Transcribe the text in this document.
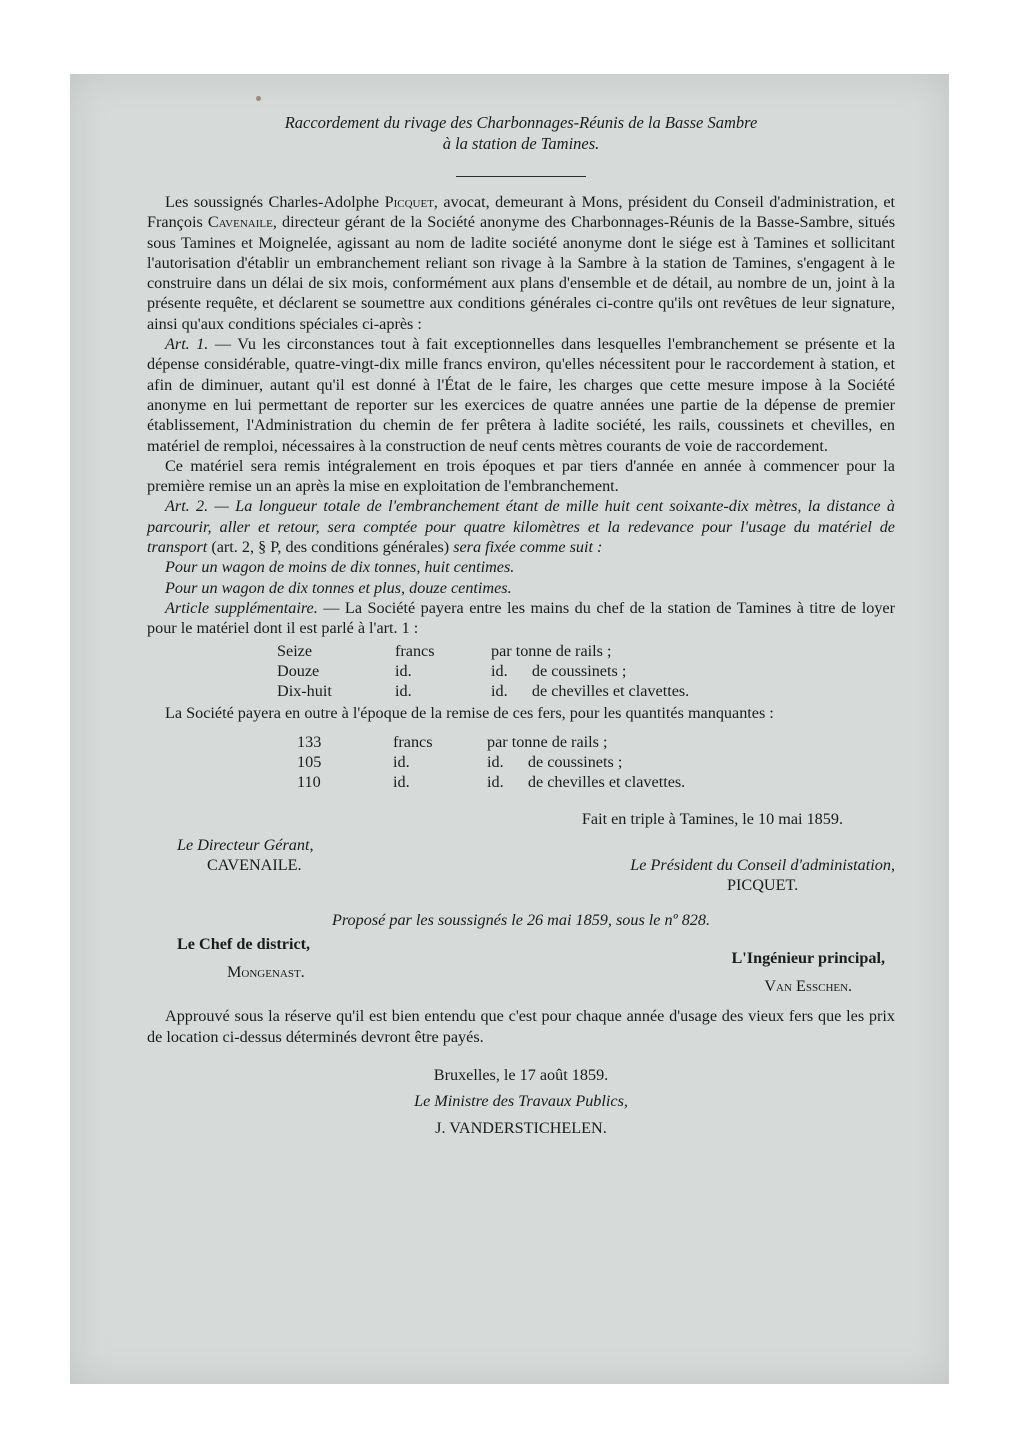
Raccordement du rivage des Charbonnages-Réunis de la Basse Sambre
à la station de Tamines.

Les soussignés Charles-Adolphe Picquet, avocat, demeurant à Mons, président du Conseil d'administration, et François Cavenaile, directeur gérant de la Société anonyme des Charbonnages-Réunis de la Basse-Sambre, situés sous Tamines et Moignelée, agissant au nom de ladite société anonyme dont le siége est à Tamines et sollicitant l'autorisation d'établir un embranchement reliant son rivage à la Sambre à la station de Tamines, s'engagent à le construire dans un délai de six mois, conformément aux plans d'ensemble et de détail, au nombre de un, joint à la présente requête, et déclarent se soumettre aux conditions générales ci-contre qu'ils ont revêtues de leur signature, ainsi qu'aux conditions spéciales ci-après :

Art. 1. — Vu les circonstances tout à fait exceptionnelles dans lesquelles l'embranchement se présente et la dépense considérable, quatre-vingt-dix mille francs environ, qu'elles nécessitent pour le raccordement à station, et afin de diminuer, autant qu'il est donné à l'État de le faire, les charges que cette mesure impose à la Société anonyme en lui permettant de reporter sur les exercices de quatre années une partie de la dépense de premier établissement, l'Administration du chemin de fer prêtera à ladite société, les rails, coussinets et chevilles, en matériel de remploi, nécessaires à la construction de neuf cents mètres courants de voie de raccordement.

Ce matériel sera remis intégralement en trois époques et par tiers d'année en année à commencer pour la première remise un an après la mise en exploitation de l'embranchement.

Art. 2. — La longueur totale de l'embranchement étant de mille huit cent soixante-dix mètres, la distance à parcourir, aller et retour, sera comptée pour quatre kilomètres et la redevance pour l'usage du matériel de transport (art. 2, § P, des conditions générales) sera fixée comme suit :

Pour un wagon de moins de dix tonnes, huit centimes.

Pour un wagon de dix tonnes et plus, douze centimes.

Article supplémentaire. — La Société payera entre les mains du chef de la station de Tamines à titre de loyer pour le matériel dont il est parlé à l'art. 1 :

Seize	francs	par tonne de rails ;
Douze	id.	id.      de coussinets ;
Dix-huit	id.	id.      de chevilles et clavettes.

La Société payera en outre à l'époque de la remise de ces fers, pour les quantités manquantes :

133	francs	par tonne de rails ;
105	id.	id.      de coussinets ;
110	id.	id.      de chevilles et clavettes.

Fait en triple à Tamines, le 10 mai 1859.

Le Directeur Gérant,
CAVENAILE.	Le Président du Conseil d'administation,
PICQUET.

Proposé par les soussignés le 26 mai 1859, sous le nº 828.

Le Chef de district,
Mongenast.
L'Ingénieur principal,
Van Esschen.

Approuvé sous la réserve qu'il est bien entendu que c'est pour chaque année d'usage des vieux fers que les prix de location ci-dessus déterminés devront être payés.

Bruxelles, le 17 août 1859.
Le Ministre des Travaux Publics,
J. VANDERSTICHELEN.
